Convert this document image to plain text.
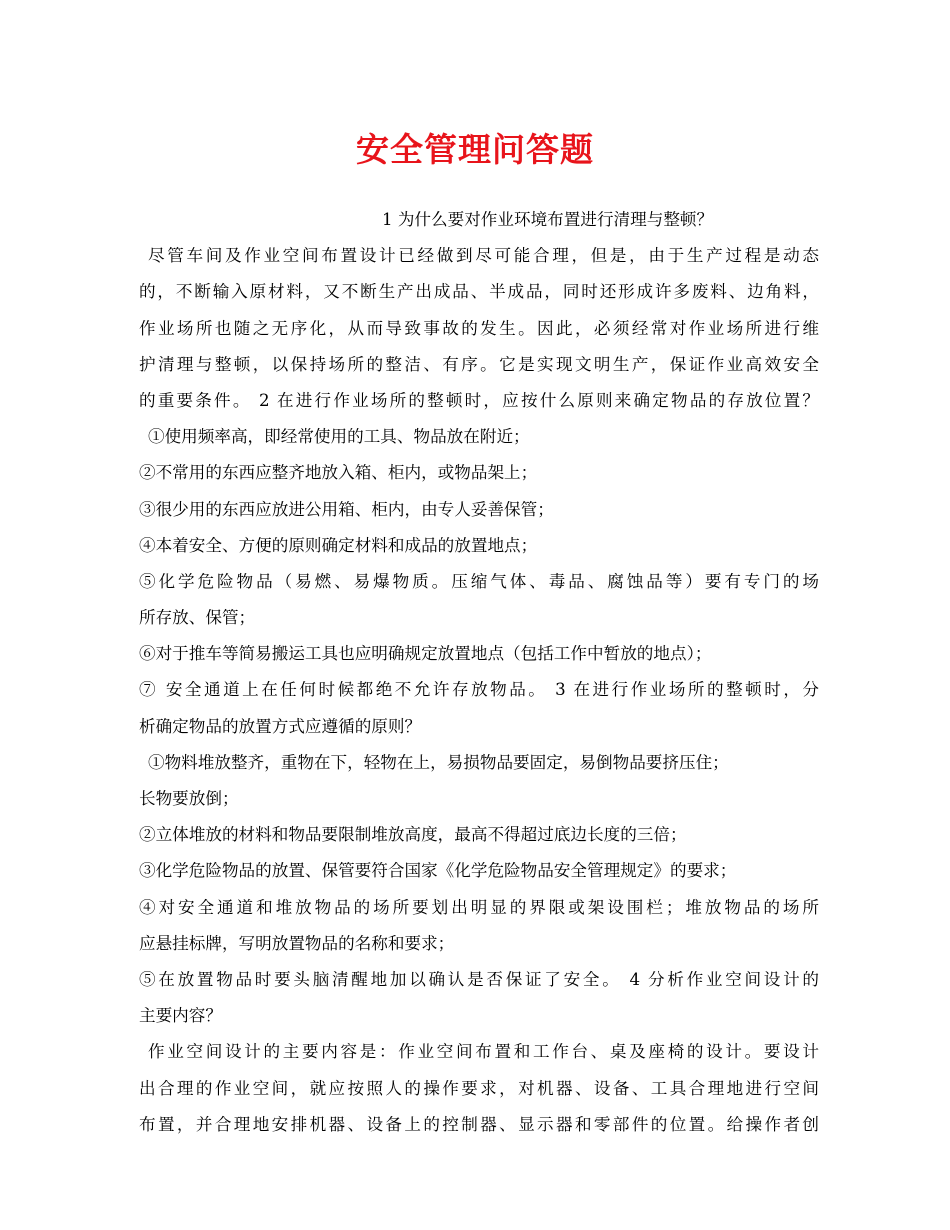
安全管理问答题
1 为什么要对作业环境布置进行清理与整顿？
尽管车间及作业空间布置设计已经做到尽可能合理，但是，由于生产过程是动态
的，不断输入原材料，又不断生产出成品、半成品，同时还形成许多废料、边角料，
作业场所也随之无序化，从而导致事故的发生。因此，必须经常对作业场所进行维
护清理与整顿，以保持场所的整洁、有序。它是实现文明生产，保证作业高效安全
的重要条件。 2 在进行作业场所的整顿时，应按什么原则来确定物品的存放位置？
①使用频率高，即经常使用的工具、物品放在附近；
②不常用的东西应整齐地放入箱、柜内，或物品架上；
③很少用的东西应放进公用箱、柜内，由专人妥善保管；
④本着安全、方便的原则确定材料和成品的放置地点；
⑤化学危险物品（易燃、易爆物质。压缩气体、毒品、腐蚀品等）要有专门的场
所存放、保管；
⑥对于推车等简易搬运工具也应明确规定放置地点（包括工作中暂放的地点）；
⑦ 安全通道上在任何时候都绝不允许存放物品。 3 在进行作业场所的整顿时，分
析确定物品的放置方式应遵循的原则？
①物料堆放整齐，重物在下，轻物在上，易损物品要固定，易倒物品要挤压住；
长物要放倒；
②立体堆放的材料和物品要限制堆放高度，最高不得超过底边长度的三倍；
③化学危险物品的放置、保管要符合国家《化学危险物品安全管理规定》的要求；
④对安全通道和堆放物品的场所要划出明显的界限或架设围栏；堆放物品的场所
应悬挂标牌，写明放置物品的名称和要求；
⑤在放置物品时要头脑清醒地加以确认是否保证了安全。 4 分析作业空间设计的
主要内容？
作业空间设计的主要内容是：作业空间布置和工作台、桌及座椅的设计。要设计
出合理的作业空间，就应按照人的操作要求，对机器、设备、工具合理地进行空间
布置，并合理地安排机器、设备上的控制器、显示器和零部件的位置。给操作者创
